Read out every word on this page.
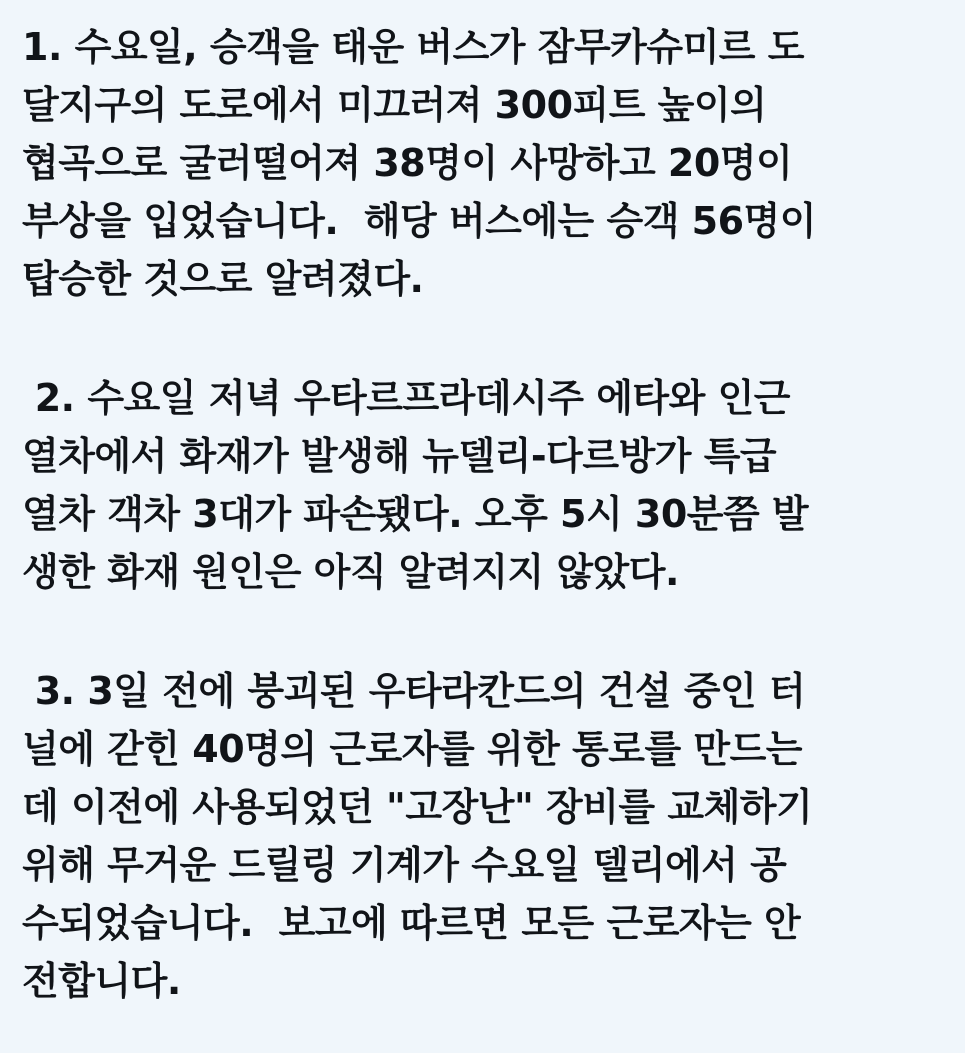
1. 수요일, 승객을 태운 버스가 잠무카슈미르 도
달지구의 도로에서 미끄러져 300피트 높이의
협곡으로 굴러떨어져 38명이 사망하고 20명이
부상을 입었습니다.  해당 버스에는 승객 56명이
탑승한 것으로 알려졌다.
2. 수요일 저녁 우타르프라데시주 에타와 인근
열차에서 화재가 발생해 뉴델리-다르방가 특급
열차 객차 3대가 파손됐다. 오후 5시 30분쯤 발
생한 화재 원인은 아직 알려지지 않았다.
3. 3일 전에 붕괴된 우타라칸드의 건설 중인 터
널에 갇힌 40명의 근로자를 위한 통로를 만드는
데 이전에 사용되었던 "고장난" 장비를 교체하기
위해 무거운 드릴링 기계가 수요일 델리에서 공
수되었습니다.  보고에 따르면 모든 근로자는 안
전합니다.
